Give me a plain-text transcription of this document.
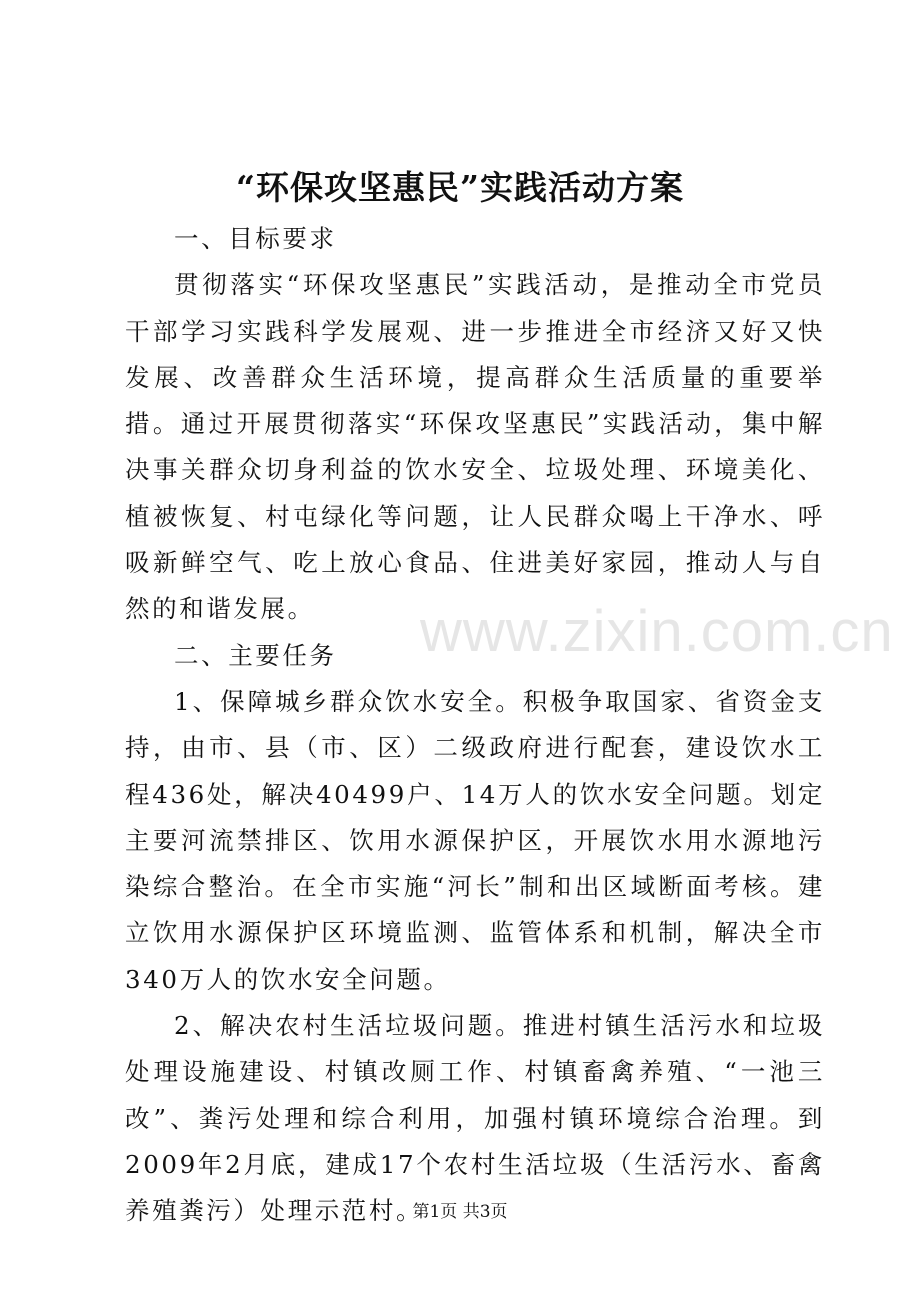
www.zixin.com.cn
“环保攻坚惠民”实践活动方案

一、目标要求

贯彻落实“环保攻坚惠民”实践活动，是推动全市党员干部学习实践科学发展观、进一步推进全市经济又好又快发展、改善群众生活环境，提高群众生活质量的重要举措。通过开展贯彻落实“环保攻坚惠民”实践活动，集中解决事关群众切身利益的饮水安全、垃圾处理、环境美化、植被恢复、村屯绿化等问题，让人民群众喝上干净水、呼吸新鲜空气、吃上放心食品、住进美好家园，推动人与自然的和谐发展。

二、主要任务

1、保障城乡群众饮水安全。积极争取国家、省资金支持，由市、县（市、区）二级政府进行配套，建设饮水工程436处，解决40499户、14万人的饮水安全问题。划定主要河流禁排区、饮用水源保护区，开展饮水用水源地污染综合整治。在全市实施“河长”制和出区域断面考核。建立饮用水源保护区环境监测、监管体系和机制，解决全市340万人的饮水安全问题。

2、解决农村生活垃圾问题。推进村镇生活污水和垃圾处理设施建设、村镇改厕工作、村镇畜禽养殖、“一池三改”、粪污处理和综合利用，加强村镇环境综合治理。到2009年2月底，建成17个农村生活垃圾（生活污水、畜禽养殖粪污）处理示范村。

第1页 共3页
